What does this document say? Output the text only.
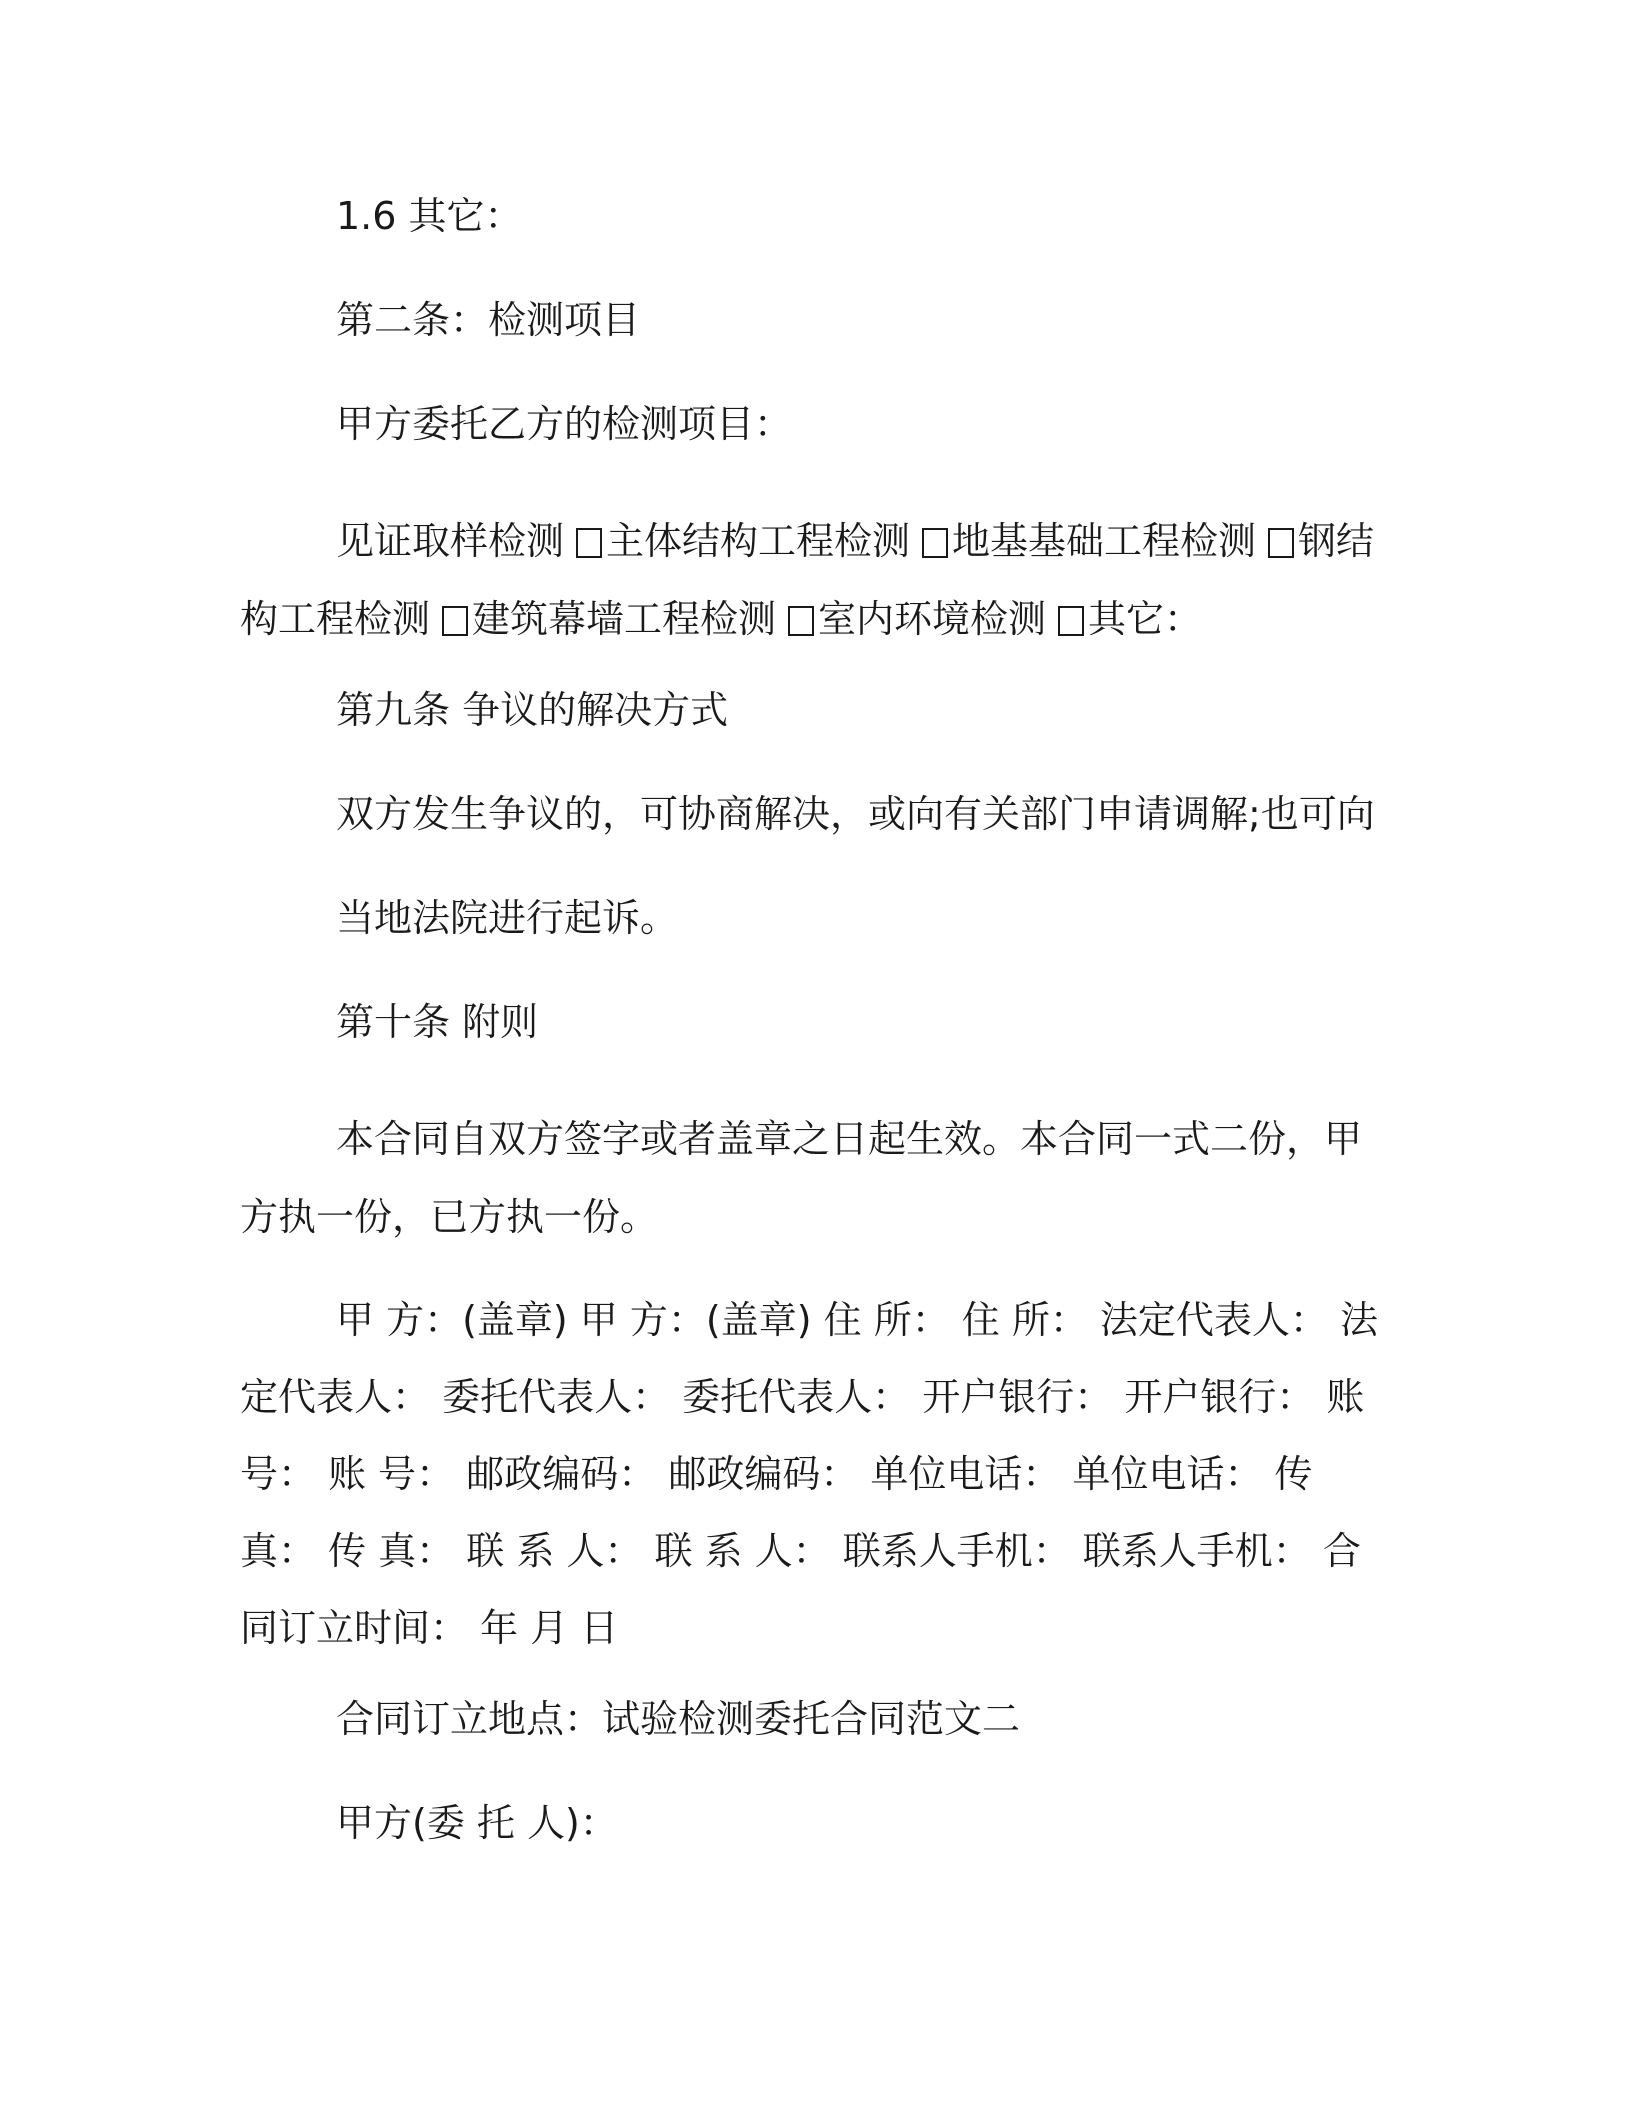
1.6 其它：

第二条：检测项目

甲方委托乙方的检测项目：

见证取样检测 主体结构工程检测 地基基础工程检测 钢结构工程检测 建筑幕墙工程检测 室内环境检测 其它：

第九条 争议的解决方式

双方发生争议的，可协商解决，或向有关部门申请调解;也可向

当地法院进行起诉。

第十条 附则

本合同自双方签字或者盖章之日起生效。本合同一式二份，甲方执一份，已方执一份。

甲 方：(盖章) 甲 方：(盖章) 住 所： 住 所： 法定代表人： 法定代表人： 委托代表人： 委托代表人： 开户银行： 开户银行： 账 号： 账 号： 邮政编码： 邮政编码： 单位电话： 单位电话： 传 真： 传 真： 联 系 人： 联 系 人： 联系人手机： 联系人手机： 合同订立时间： 年 月 日

合同订立地点：试验检测委托合同范文二

甲方(委 托 人)：
